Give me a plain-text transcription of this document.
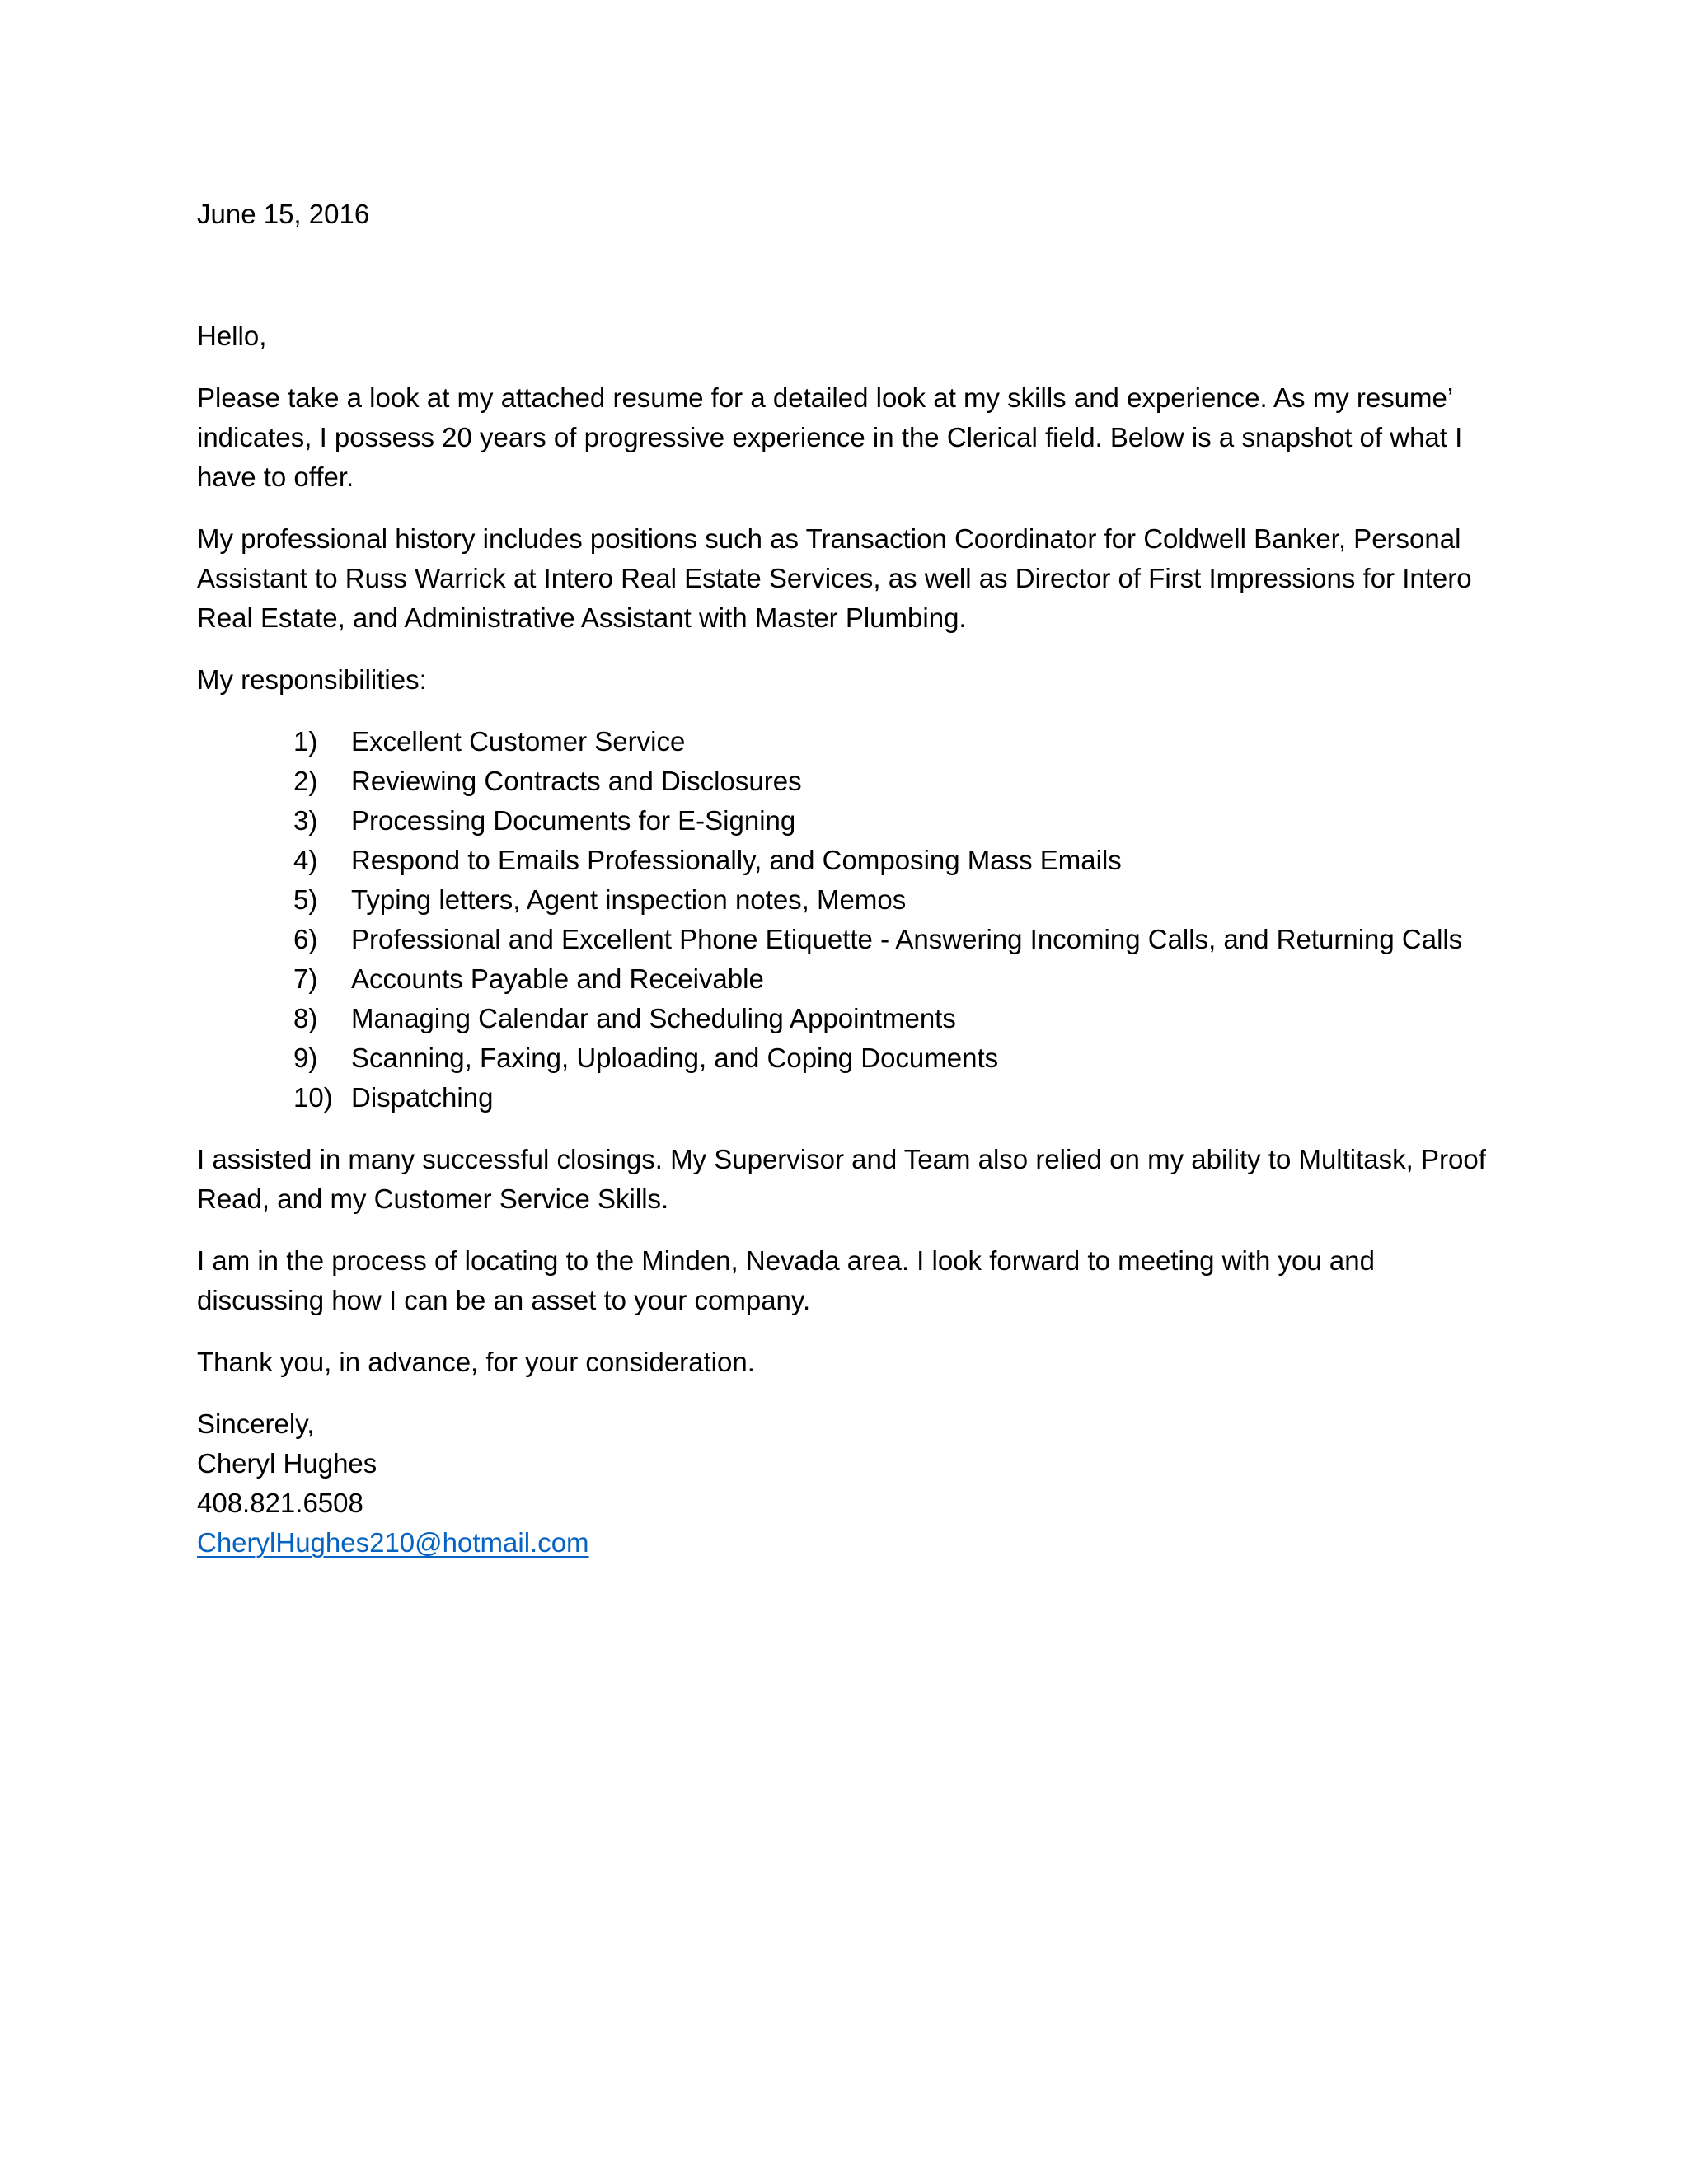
June 15, 2016

Hello,

Please take a look at my attached resume for a detailed look at my skills and experience. As my resume’ indicates, I possess 20 years of progressive experience in the Clerical field. Below is a snapshot of what I have to offer.

My professional history includes positions such as Transaction Coordinator for Coldwell Banker, Personal Assistant to Russ Warrick at Intero Real Estate Services, as well as Director of First Impressions for Intero Real Estate, and Administrative Assistant with Master Plumbing.

My responsibilities:

1) Excellent Customer Service
2) Reviewing Contracts and Disclosures
3) Processing Documents for E-Signing
4) Respond to Emails Professionally, and Composing Mass Emails
5) Typing letters, Agent inspection notes, Memos
6) Professional and Excellent Phone Etiquette - Answering Incoming Calls, and Returning Calls
7) Accounts Payable and Receivable
8) Managing Calendar and Scheduling Appointments
9) Scanning, Faxing, Uploading, and Coping Documents
10) Dispatching

I assisted in many successful closings. My Supervisor and Team also relied on my ability to Multitask, Proof Read, and my Customer Service Skills.

I am in the process of locating to the Minden, Nevada area. I look forward to meeting with you and discussing how I can be an asset to your company.

Thank you, in advance, for your consideration.

Sincerely,
Cheryl Hughes
408.821.6508
CherylHughes210@hotmail.com
